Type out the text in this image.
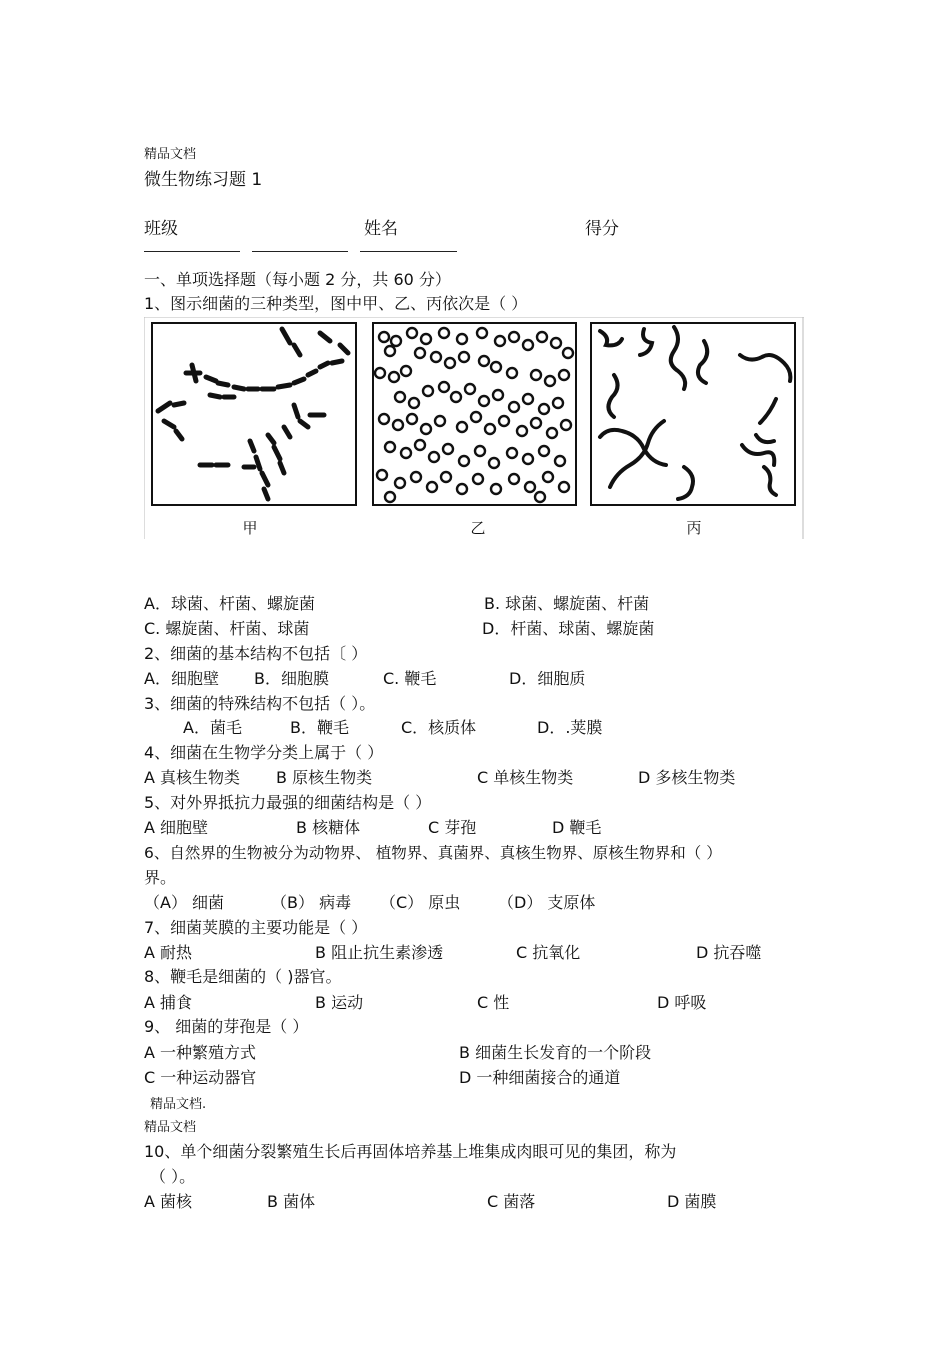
精品文档
微生物练习题 1
班级	姓名	得分
一、单项选择题（每小题 2 分，共 60 分）
1、图示细菌的三种类型，图中甲、乙、丙依次是（ ）
甲	乙	丙
A．球菌、杆菌、螺旋菌	B. 球菌、螺旋菌、杆菌
C. 螺旋菌、杆菌、球菌	D．杆菌、球菌、螺旋菌
2、细菌的基本结构不包括〔 ）
A．细胞壁 B．细胞膜	C. 鞭毛	D．细胞质
3、细菌的特殊结构不包括（ ）。
A．菌毛	B．鞭毛	C．核质体	D．.荚膜
4、细菌在生物学分类上属于（ ）
A 真核生物类 B 原核生物类	C 单核生物类	D 多核生物类
5、对外界抵抗力最强的细菌结构是（ ）
A 细胞壁	B 核糖体	C 芽孢	D 鞭毛
6、自然界的生物被分为动物界、 植物界、真菌界、真核生物界、原核生物界和（ ）
界。
（A） 细菌	（B） 病毒 （C） 原虫 （D） 支原体
7、细菌荚膜的主要功能是（ ）
A 耐热	B 阻止抗生素渗透	C 抗氧化	D 抗吞噬
8、鞭毛是细菌的（ )器官。
A 捕食	B 运动	C 性	D 呼吸
9、 细菌的芽孢是（ ）
A 一种繁殖方式	B 细菌生长发育的一个阶段
C 一种运动器官	D 一种细菌接合的通道
精品文档.
精品文档
10、单个细菌分裂繁殖生长后再固体培养基上堆集成肉眼可见的集团，称为
（ ）。
A 菌核	B 菌体	C 菌落	D 菌膜
